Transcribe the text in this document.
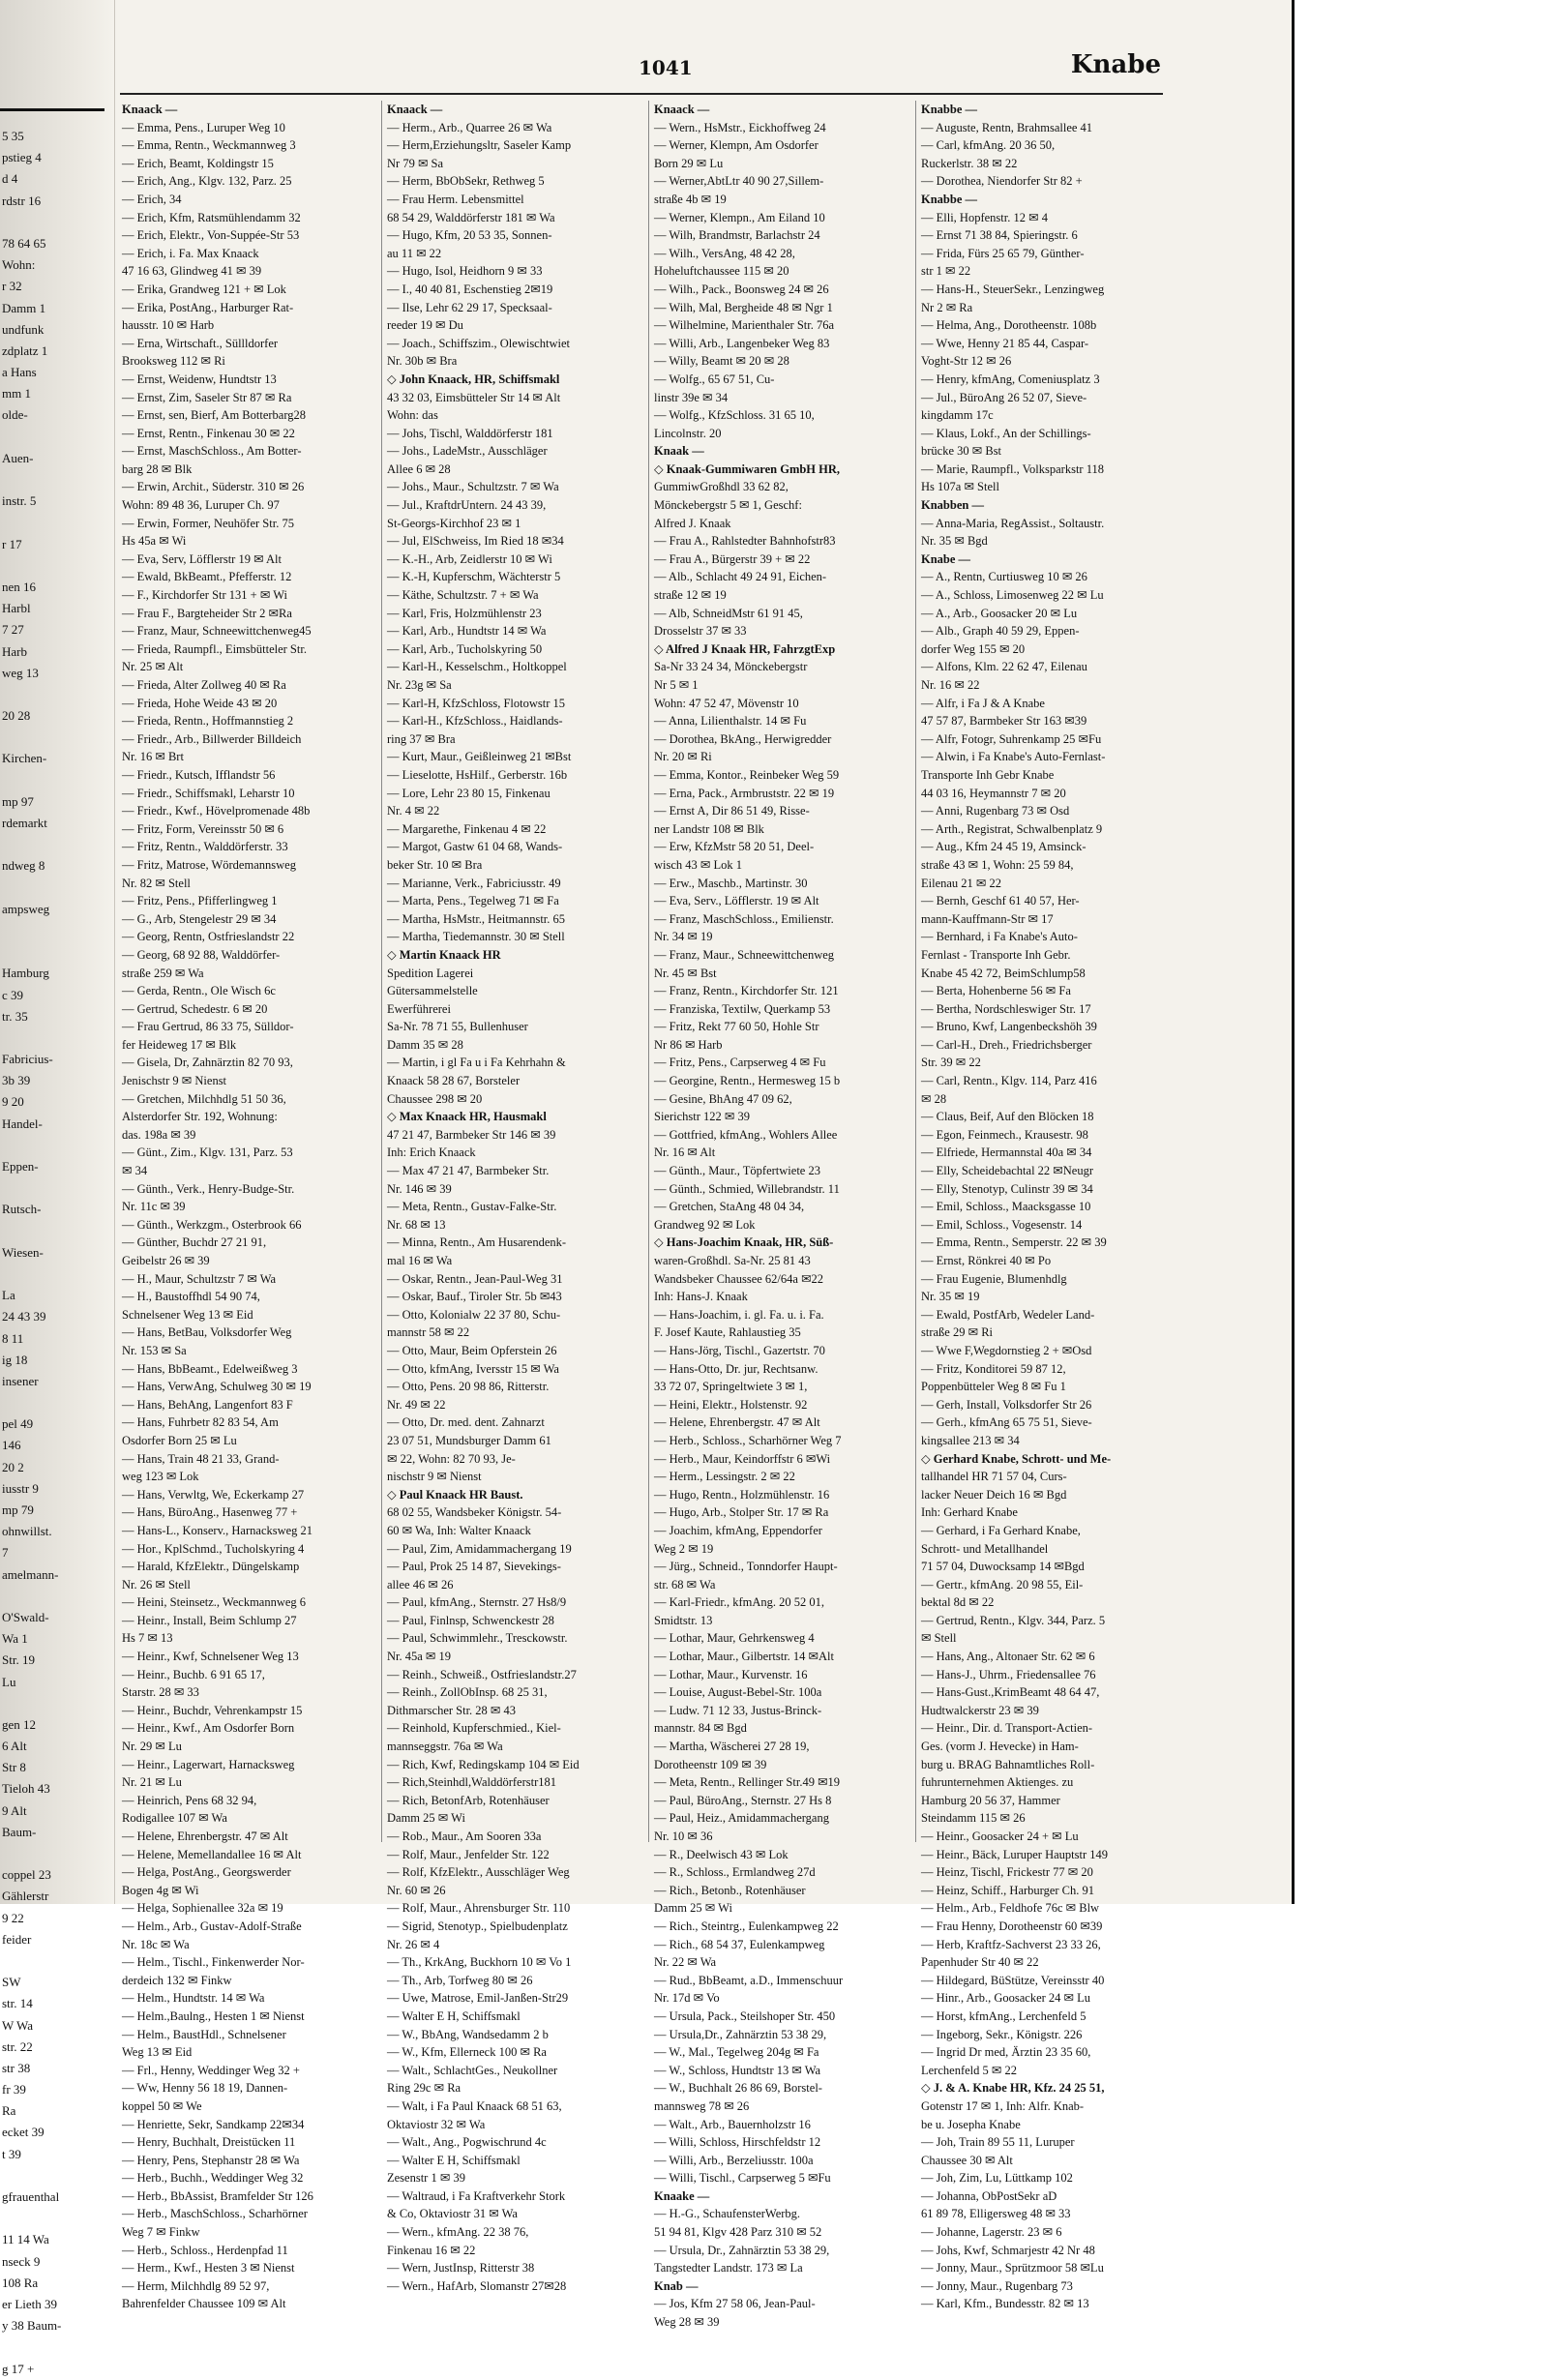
5 35
pstieg 4
d 4
rdstr 16
78 64 65
Wohn:
r 32
Damm 1
undfunk
zdplatz 1
a Hans
mm 1
olde-
Auen-
instr. 5
r 17
nen 16
Harbl
7 27
Harb
weg 13
20 28
Kirchen-
mp 97
rdemarkt
ndweg 8
ampsweg
Hamburg
c 39
tr. 35
Fabricius-
3b 39
9 20
Handel-
Eppen-
Rutsch-
Wiesen-
La
24 43 39
8 11
ig 18
insener
pel 49
146
20 2
iusstr 9
mp 79
ohnwillst.
7
amelmann-
O'Swald-
Wa 1
Str. 19
Lu
gen 12
6 Alt
Str 8
Tieloh 43
9 Alt
Baum-
coppel 23
Gählerstr
9 22
feider
SW
str. 14
W Wa
str. 22
str 38
fr 39
Ra
ecket 39
t 39
gfrauenthal
11 14 Wa
nseck 9
108 Ra
er Lieth 39
y 38 Baum-
g 17 +
1041	Knabe
Knaack —
— Emma, Pens., Luruper Weg 10
— Emma, Rentn., Weckmannweg 3
— Erich, Beamt, Koldingstr 15
— Erich, Ang., Klgv. 132, Parz. 25
— Erich, 34
— Erich, Kfm, Ratsmühlendamm 32
— Erich, Elektr., Von-Suppée-Str 53
— Erich, i. Fa. Max Knaack
47 16 63, Glindweg 41 ✉ 39
— Erika, Grandweg 121 + ✉ Lok
— Erika, PostAng., Harburger Rat-
hausstr. 10 ✉ Harb
— Erna, Wirtschaft., Süllldorfer
Brooksweg 112 ✉ Ri
— Ernst, Weidenw, Hundtstr 13
— Ernst, Zim, Saseler Str 87 ✉ Ra
— Ernst, sen, Bierf, Am Botterbarg28
— Ernst, Rentn., Finkenau 30 ✉ 22
— Ernst, MaschSchloss., Am Botter-
barg 28 ✉ Blk
— Erwin, Archit., Süderstr. 310 ✉ 26
Wohn: 89 48 36, Luruper Ch. 97
— Erwin, Former, Neuhöfer Str. 75
Hs 45a ✉ Wi
— Eva, Serv, Löfflerstr 19 ✉ Alt
— Ewald, BkBeamt., Pfefferstr. 12
— F., Kirchdorfer Str 131 + ✉ Wi
— Frau F., Bargteheider Str 2 ✉Ra
— Franz, Maur, Schneewittchenweg45
— Frieda, Raumpfl., Eimsbütteler Str.
Nr. 25 ✉ Alt
— Frieda, Alter Zollweg 40 ✉ Ra
— Frieda, Hohe Weide 43 ✉ 20
— Frieda, Rentn., Hoffmannstieg 2
— Friedr., Arb., Billwerder Billdeich
Nr. 16 ✉ Brt
— Friedr., Kutsch, Ifflandstr 56
— Friedr., Schiffsmakl, Leharstr 10
— Friedr., Kwf., Hövelpromenade 48b
— Fritz, Form, Vereinsstr 50 ✉ 6
— Fritz, Rentn., Walddörferstr. 33
— Fritz, Matrose, Wördemannsweg
Nr. 82 ✉ Stell
— Fritz, Pens., Pfifferlingweg 1
— G., Arb, Stengelestr 29 ✉ 34
— Georg, Rentn, Ostfrieslandstr 22
— Georg, 68 92 88, Walddörfer-
straße 259 ✉ Wa
— Gerda, Rentn., Ole Wisch 6c
— Gertrud, Schedestr. 6 ✉ 20
— Frau Gertrud, 86 33 75, Sülldor-
fer Heideweg 17 ✉ Blk
— Gisela, Dr, Zahnärztin 82 70 93,
Jenischstr 9 ✉ Nienst
— Gretchen, Milchhdlg 51 50 36,
Alsterdorfer Str. 192, Wohnung:
das. 198a ✉ 39
— Günt., Zim., Klgv. 131, Parz. 53
✉ 34
— Günth., Verk., Henry-Budge-Str.
Nr. 11c ✉ 39
— Günth., Werkzgm., Osterbrook 66
— Günther, Buchdr 27 21 91,
Geibelstr 26 ✉ 39
— H., Maur, Schultzstr 7 ✉ Wa
— H., Baustoffhdl 54 90 74,
Schnelsener Weg 13 ✉ Eid
— Hans, BetBau, Volksdorfer Weg
Nr. 153 ✉ Sa
— Hans, BbBeamt., Edelweißweg 3
— Hans, VerwAng, Schulweg 30 ✉ 19
— Hans, BehAng, Langenfort 83 F
— Hans, Fuhrbetr 82 83 54, Am
Osdorfer Born 25 ✉ Lu
— Hans, Train 48 21 33, Grand-
weg 123 ✉ Lok
— Hans, Verwltg, We, Eckerkamp 27
— Hans, BüroAng., Hasenweg 77 +
— Hans-L., Konserv., Harnacksweg 21
— Hor., KplSchmd., Tucholskyring 4
— Harald, KfzElektr., Düngelskamp
Nr. 26 ✉ Stell
— Heini, Steinsetz., Weckmannweg 6
— Heinr., Install, Beim Schlump 27
Hs 7 ✉ 13
— Heinr., Kwf, Schnelsener Weg 13
— Heinr., Buchb. 6 91 65 17,
Starstr. 28 ✉ 33
— Heinr., Buchdr, Vehrenkampstr 15
— Heinr., Kwf., Am Osdorfer Born
Nr. 29 ✉ Lu
— Heinr., Lagerwart, Harnacksweg
Nr. 21 ✉ Lu
— Heinrich, Pens 68 32 94,
Rodigallee 107 ✉ Wa
— Helene, Ehrenbergstr. 47 ✉ Alt
— Helene, Memellandallee 16 ✉ Alt
— Helga, PostAng., Georgswerder
Bogen 4g ✉ Wi
— Helga, Sophienallee 32a ✉ 19
— Helm., Arb., Gustav-Adolf-Straße
Nr. 18c ✉ Wa
— Helm., Tischl., Finkenwerder Nor-
derdeich 132 ✉ Finkw
— Helm., Hundtstr. 14 ✉ Wa
— Helm.,Baulng., Hesten 1 ✉ Nienst
— Helm., BaustHdl., Schnelsener
Weg 13 ✉ Eid
— Frl., Henny, Weddinger Weg 32 +
— Ww, Henny 56 18 19, Dannen-
koppel 50 ✉ We
— Henriette, Sekr, Sandkamp 22✉34
— Henry, Buchhalt, Dreistücken 11
— Henry, Pens, Stephanstr 28 ✉ Wa
— Herb., Buchh., Weddinger Weg 32
— Herb., BbAssist, Bramfelder Str 126
— Herb., MaschSchloss., Scharhörner
Weg 7 ✉ Finkw
— Herb., Schloss., Herdenpfad 11
— Herm., Kwf., Hesten 3 ✉ Nienst
— Herm, Milchhdlg 89 52 97,
Bahrenfelder Chaussee 109 ✉ Alt
Knaack —
— Herm., Arb., Quarree 26 ✉ Wa
— Herm,Erziehungsltr, Saseler Kamp
Nr 79 ✉ Sa
— Herm, BbObSekr, Rethweg 5
— Frau Herm. Lebensmittel
68 54 29, Walddörferstr 181 ✉ Wa
— Hugo, Kfm, 20 53 35, Sonnen-
au 11 ✉ 22
— Hugo, Isol, Heidhorn 9 ✉ 33
— I., 40 40 81, Eschenstieg 2✉19
— Ilse, Lehr 62 29 17, Specksaal-
reeder 19 ✉ Du
— Joach., Schiffszim., Olewischtwiet
Nr. 30b ✉ Bra
◇ John Knaack, HR, Schiffsmakl
43 32 03, Eimsbütteler Str 14 ✉ Alt
Wohn: das
— Johs, Tischl, Walddörferstr 181
— Johs., LadeMstr., Ausschläger
Allee 6 ✉ 28
— Johs., Maur., Schultzstr. 7 ✉ Wa
— Jul., KraftdrUntern. 24 43 39,
St-Georgs-Kirchhof 23 ✉ 1
— Jul, ElSchweiss, Im Ried 18 ✉34
— K.-H., Arb, Zeidlerstr 10 ✉ Wi
— K.-H, Kupferschm, Wächterstr 5
— Käthe, Schultzstr. 7 + ✉ Wa
— Karl, Fris, Holzmühlenstr 23
— Karl, Arb., Hundtstr 14 ✉ Wa
— Karl, Arb., Tucholskyring 50
— Karl-H., Kesselschm., Holtkoppel
Nr. 23g ✉ Sa
— Karl-H, KfzSchloss, Flotowstr 15
— Karl-H., KfzSchloss., Haidlands-
ring 37 ✉ Bra
— Kurt, Maur., Geißleinweg 21 ✉Bst
— Lieselotte, HsHilf., Gerberstr. 16b
— Lore, Lehr 23 80 15, Finkenau
Nr. 4 ✉ 22
— Margarethe, Finkenau 4 ✉ 22
— Margot, Gastw 61 04 68, Wands-
beker Str. 10 ✉ Bra
— Marianne, Verk., Fabriciusstr. 49
— Marta, Pens., Tegelweg 71 ✉ Fa
— Martha, HsMstr., Heitmannstr. 65
— Martha, Tiedemannstr. 30 ✉ Stell
◇ Martin Knaack HR
Spedition Lagerei
Gütersammelstelle
Ewerführerei
Sa-Nr. 78 71 55, Bullenhuser
Damm 35 ✉ 28
— Martin, i gl Fa u i Fa Kehrhahn &
Knaack 58 28 67, Borsteler
Chaussee 298 ✉ 20
◇ Max Knaack HR, Hausmakl
47 21 47, Barmbeker Str 146 ✉ 39
Inh: Erich Knaack
— Max 47 21 47, Barmbeker Str.
Nr. 146 ✉ 39
— Meta, Rentn., Gustav-Falke-Str.
Nr. 68 ✉ 13
— Minna, Rentn., Am Husarendenk-
mal 16 ✉ Wa
— Oskar, Rentn., Jean-Paul-Weg 31
— Oskar, Bauf., Tiroler Str. 5b ✉43
— Otto, Kolonialw 22 37 80, Schu-
mannstr 58 ✉ 22
— Otto, Maur, Beim Opferstein 26
— Otto, kfmAng, Iversstr 15 ✉ Wa
— Otto, Pens. 20 98 86, Ritterstr.
Nr. 49 ✉ 22
— Otto, Dr. med. dent. Zahnarzt
23 07 51, Mundsburger Damm 61
✉ 22, Wohn: 82 70 93, Je-
nischstr 9 ✉ Nienst
◇ Paul Knaack HR Baust.
68 02 55, Wandsbeker Königstr. 54-
60 ✉ Wa, Inh: Walter Knaack
— Paul, Zim, Amidammachergang 19
— Paul, Prok 25 14 87, Sievekings-
allee 46 ✉ 26
— Paul, kfmAng., Sternstr. 27 Hs8/9
— Paul, Finlnsp, Schwenckestr 28
— Paul, Schwimmlehr., Tresckowstr.
Nr. 45a ✉ 19
— Reinh., Schweiß., Ostfrieslandstr.27
— Reinh., ZollObInsp. 68 25 31,
Dithmarscher Str. 28 ✉ 43
— Reinhold, Kupferschmied., Kiel-
mannseggstr. 76a ✉ Wa
— Rich, Kwf, Redingskamp 104 ✉ Eid
— Rich,Steinhdl,Walddörferstr181
— Rich, BetonfArb, Rotenhäuser
Damm 25 ✉ Wi
— Rob., Maur., Am Sooren 33a
— Rolf, Maur., Jenfelder Str. 122
— Rolf, KfzElektr., Ausschläger Weg
Nr. 60 ✉ 26
— Rolf, Maur., Ahrensburger Str. 110
— Sigrid, Stenotyp., Spielbudenplatz
Nr. 26 ✉ 4
— Th., KrkAng, Buckhorn 10 ✉ Vo 1
— Th., Arb, Torfweg 80 ✉ 26
— Uwe, Matrose, Emil-Janßen-Str29
— Walter E H, Schiffsmakl
— W., BbAng, Wandsedamm 2 b
— W., Kfm, Ellerneck 100 ✉ Ra
— Walt., SchlachtGes., Neukollner
Ring 29c ✉ Ra
— Walt, i Fa Paul Knaack 68 51 63,
Oktaviostr 32 ✉ Wa
— Walt., Ang., Pogwischrund 4c
— Walter E H, Schiffsmakl
Zesenstr 1 ✉ 39
— Waltraud, i Fa Kraftverkehr Stork
& Co, Oktaviostr 31 ✉ Wa
— Wern., kfmAng. 22 38 76,
Finkenau 16 ✉ 22
— Wern, JustInsp, Ritterstr 38
— Wern., HafArb, Slomanstr 27✉28
Knaack —
— Wern., HsMstr., Eickhoffweg 24
— Werner, Klempn, Am Osdorfer
Born 29 ✉ Lu
— Werner,AbtLtr 40 90 27,Sillem-
straße 4b ✉ 19
— Werner, Klempn., Am Eiland 10
— Wilh, Brandmstr, Barlachstr 24
— Wilh., VersAng, 48 42 28,
Hoheluftchaussee 115 ✉ 20
— Wilh., Pack., Boonsweg 24 ✉ 26
— Wilh, Mal, Bergheide 48 ✉ Ngr 1
— Wilhelmine, Marienthaler Str. 76a
— Willi, Arb., Langenbeker Weg 83
— Willy, Beamt ✉ 20 ✉ 28
— Wolfg., 65 67 51, Cu-
linstr 39e ✉ 34
— Wolfg., KfzSchloss. 31 65 10,
Lincolnstr. 20
Knaak —
◇ Knaak-Gummiwaren GmbH HR,
GummiwGroßhdl 33 62 82,
Mönckebergstr 5 ✉ 1, Geschf:
Alfred J. Knaak
— Frau A., Rahlstedter Bahnhofstr83
— Frau A., Bürgerstr 39 + ✉ 22
— Alb., Schlacht 49 24 91, Eichen-
straße 12 ✉ 19
— Alb, SchneidMstr 61 91 45,
Drosselstr 37 ✉ 33
◇ Alfred J Knaak HR, FahrzgtExp
Sa-Nr 33 24 34, Mönckebergstr
Nr 5 ✉ 1
Wohn: 47 52 47, Mövenstr 10
— Anna, Lilienthalstr. 14 ✉ Fu
— Dorothea, BkAng., Herwigredder
Nr. 20 ✉ Ri
— Emma, Kontor., Reinbeker Weg 59
— Erna, Pack., Armbruststr. 22 ✉ 19
— Ernst A, Dir 86 51 49, Risse-
ner Landstr 108 ✉ Blk
— Erw, KfzMstr 58 20 51, Deel-
wisch 43 ✉ Lok 1
— Erw., Maschb., Martinstr. 30
— Eva, Serv., Löfflerstr. 19 ✉ Alt
— Franz, MaschSchloss., Emilienstr.
Nr. 34 ✉ 19
— Franz, Maur., Schneewittchenweg
Nr. 45 ✉ Bst
— Franz, Rentn., Kirchdorfer Str. 121
— Franziska, Textilw, Querkamp 53
— Fritz, Rekt 77 60 50, Hohle Str
Nr 86 ✉ Harb
— Fritz, Pens., Carpserweg 4 ✉ Fu
— Georgine, Rentn., Hermesweg 15 b
— Gesine, BhAng 47 09 62,
Sierichstr 122 ✉ 39
— Gottfried, kfmAng., Wohlers Allee
Nr. 16 ✉ Alt
— Günth., Maur., Töpfertwiete 23
— Günth., Schmied, Willebrandstr. 11
— Gretchen, StaAng 48 04 34,
Grandweg 92 ✉ Lok
◇ Hans-Joachim Knaak, HR, Süß-
waren-Großhdl. Sa-Nr. 25 81 43
Wandsbeker Chaussee 62/64a ✉22
Inh: Hans-J. Knaak
— Hans-Joachim, i. gl. Fa. u. i. Fa.
F. Josef Kaute, Rahlaustieg 35
— Hans-Jörg, Tischl., Gazertstr. 70
— Hans-Otto, Dr. jur, Rechtsanw.
33 72 07, Springeltwiete 3 ✉ 1,
— Heini, Elektr., Holstenstr. 92
— Helene, Ehrenbergstr. 47 ✉ Alt
— Herb., Schloss., Scharhörner Weg 7
— Herb., Maur, Keindorffstr 6 ✉Wi
— Herm., Lessingstr. 2 ✉ 22
— Hugo, Rentn., Holzmühlenstr. 16
— Hugo, Arb., Stolper Str. 17 ✉ Ra
— Joachim, kfmAng, Eppendorfer
Weg 2 ✉ 19
— Jürg., Schneid., Tonndorfer Haupt-
str. 68 ✉ Wa
— Karl-Friedr., kfmAng. 20 52 01,
Smidtstr. 13
— Lothar, Maur, Gehrkensweg 4
— Lothar, Maur., Gilbertstr. 14 ✉Alt
— Lothar, Maur., Kurvenstr. 16
— Louise, August-Bebel-Str. 100a
— Ludw. 71 12 33, Justus-Brinck-
mannstr. 84 ✉ Bgd
— Martha, Wäscherei 27 28 19,
Dorotheenstr 109 ✉ 39
— Meta, Rentn., Rellinger Str.49 ✉19
— Paul, BüroAng., Sternstr. 27 Hs 8
— Paul, Heiz., Amidammachergang
Nr. 10 ✉ 36
— R., Deelwisch 43 ✉ Lok
— R., Schloss., Ermlandweg 27d
— Rich., Betonb., Rotenhäuser
Damm 25 ✉ Wi
— Rich., Steintrg., Eulenkampweg 22
— Rich., 68 54 37, Eulenkampweg
Nr. 22 ✉ Wa
— Rud., BbBeamt, a.D., Immenschuur
Nr. 17d ✉ Vo
— Ursula, Pack., Steilshoper Str. 450
— Ursula,Dr., Zahnärztin 53 38 29,
— W., Mal., Tegelweg 204g ✉ Fa
— W., Schloss, Hundtstr 13 ✉ Wa
— W., Buchhalt 26 86 69, Borstel-
mannsweg 78 ✉ 26
— Walt., Arb., Bauernholzstr 16
— Willi, Schloss, Hirschfeldstr 12
— Willi, Arb., Berzeliusstr. 100a
— Willi, Tischl., Carpserweg 5 ✉Fu
Knaake —
— H.-G., SchaufensterWerbg.
51 94 81, Klgv 428 Parz 310 ✉ 52
— Ursula, Dr., Zahnärztin 53 38 29,
Tangstedter Landstr. 173 ✉ La
Knab —
— Jos, Kfm 27 58 06, Jean-Paul-
Weg 28 ✉ 39
Knabbe —
— Auguste, Rentn, Brahmsallee 41
— Carl, kfmAng. 20 36 50,
Ruckerlstr. 38 ✉ 22
— Dorothea, Niendorfer Str 82 +
Knabbe —
— Elli, Hopfenstr. 12 ✉ 4
— Ernst 71 38 84, Spieringstr. 6
— Frida, Fürs 25 65 79, Günther-
str 1 ✉ 22
— Hans-H., SteuerSekr., Lenzingweg
Nr 2 ✉ Ra
— Helma, Ang., Dorotheenstr. 108b
— Wwe, Henny 21 85 44, Caspar-
Voght-Str 12 ✉ 26
— Henry, kfmAng, Comeniusplatz 3
— Jul., BüroAng 26 52 07, Sieve-
kingdamm 17c
— Klaus, Lokf., An der Schillings-
brücke 30 ✉ Bst
— Marie, Raumpfl., Volksparkstr 118
Hs 107a ✉ Stell
Knabben —
— Anna-Maria, RegAssist., Soltaustr.
Nr. 35 ✉ Bgd
Knabe —
— A., Rentn, Curtiusweg 10 ✉ 26
— A., Schloss, Limosenweg 22 ✉ Lu
— A., Arb., Goosacker 20 ✉ Lu
— Alb., Graph 40 59 29, Eppen-
dorfer Weg 155 ✉ 20
— Alfons, Klm. 22 62 47, Eilenau
Nr. 16 ✉ 22
— Alfr, i Fa J & A Knabe
47 57 87, Barmbeker Str 163 ✉39
— Alfr, Fotogr, Suhrenkamp 25 ✉Fu
— Alwin, i Fa Knabe's Auto-Fernlast-
Transporte Inh Gebr Knabe
44 03 16, Heymannstr 7 ✉ 20
— Anni, Rugenbarg 73 ✉ Osd
— Arth., Registrat, Schwalbenplatz 9
— Aug., Kfm 24 45 19, Amsinck-
straße 43 ✉ 1, Wohn: 25 59 84,
Eilenau 21 ✉ 22
— Bernh, Geschf 61 40 57, Her-
mann-Kauffmann-Str ✉ 17
— Bernhard, i Fa Knabe's Auto-
Fernlast - Transporte Inh Gebr.
Knabe 45 42 72, BeimSchlump58
— Berta, Hohenberne 56 ✉ Fa
— Bertha, Nordschleswiger Str. 17
— Bruno, Kwf, Langenbeckshöh 39
— Carl-H., Dreh., Friedrichsberger
Str. 39 ✉ 22
— Carl, Rentn., Klgv. 114, Parz 416
✉ 28
— Claus, Beif, Auf den Blöcken 18
— Egon, Feinmech., Krausestr. 98
— Elfriede, Hermannstal 40a ✉ 34
— Elly, Scheidebachtal 22 ✉Neugr
— Elly, Stenotyp, Culinstr 39 ✉ 34
— Emil, Schloss., Maacksgasse 10
— Emil, Schloss., Vogesenstr. 14
— Emma, Rentn., Semperstr. 22 ✉ 39
— Ernst, Rönkrei 40 ✉ Po
— Frau Eugenie, Blumenhdlg
Nr. 35 ✉ 19
— Ewald, PostfArb, Wedeler Land-
straße 29 ✉ Ri
— Wwe F,Wegdornstieg 2 + ✉Osd
— Fritz, Konditorei 59 87 12,
Poppenbütteler Weg 8 ✉ Fu 1
— Gerh, Install, Volksdorfer Str 26
— Gerh., kfmAng 65 75 51, Sieve-
kingsallee 213 ✉ 34
◇ Gerhard Knabe, Schrott- und Me-
tallhandel HR 71 57 04, Curs-
lacker Neuer Deich 16 ✉ Bgd
Inh: Gerhard Knabe
— Gerhard, i Fa Gerhard Knabe,
Schrott- und Metallhandel
71 57 04, Duwocksamp 14 ✉Bgd
— Gertr., kfmAng. 20 98 55, Eil-
bektal 8d ✉ 22
— Gertrud, Rentn., Klgv. 344, Parz. 5
✉ Stell
— Hans, Ang., Altonaer Str. 62 ✉ 6
— Hans-J., Uhrm., Friedensallee 76
— Hans-Gust.,KrimBeamt 48 64 47,
Hudtwalckerstr 23 ✉ 39
— Heinr., Dir. d. Transport-Actien-
Ges. (vorm J. Hevecke) in Ham-
burg u. BRAG Bahnamtliches Roll-
fuhrunternehmen Aktienges. zu
Hamburg 20 56 37, Hammer
Steindamm 115 ✉ 26
— Heinr., Goosacker 24 + ✉ Lu
— Heinr., Bäck, Luruper Hauptstr 149
— Heinz, Tischl, Frickestr 77 ✉ 20
— Heinz, Schiff., Harburger Ch. 91
— Helm., Arb., Feldhofe 76c ✉ Blw
— Frau Henny, Dorotheenstr 60 ✉39
— Herb, Kraftfz-Sachverst 23 33 26,
Papenhuder Str 40 ✉ 22
— Hildegard, BüStütze, Vereinsstr 40
— Hinr., Arb., Goosacker 24 ✉ Lu
— Horst, kfmAng., Lerchenfeld 5
— Ingeborg, Sekr., Königstr. 226
— Ingrid Dr med, Ärztin 23 35 60,
Lerchenfeld 5 ✉ 22
◇ J. & A. Knabe HR, Kfz. 24 25 51,
Gotenstr 17 ✉ 1, Inh: Alfr. Knab-
be u. Josepha Knabe
— Joh, Train 89 55 11, Luruper
Chaussee 30 ✉ Alt
— Joh, Zim, Lu, Lüttkamp 102
— Johanna, ObPostSekr aD
61 89 78, Elligersweg 48 ✉ 33
— Johanne, Lagerstr. 23 ✉ 6
— Johs, Kwf, Schmarjestr 42 Nr 48
— Jonny, Maur., Sprützmoor 58 ✉Lu
— Jonny, Maur., Rugenbarg 73
— Karl, Kfm., Bundesstr. 82 ✉ 13
